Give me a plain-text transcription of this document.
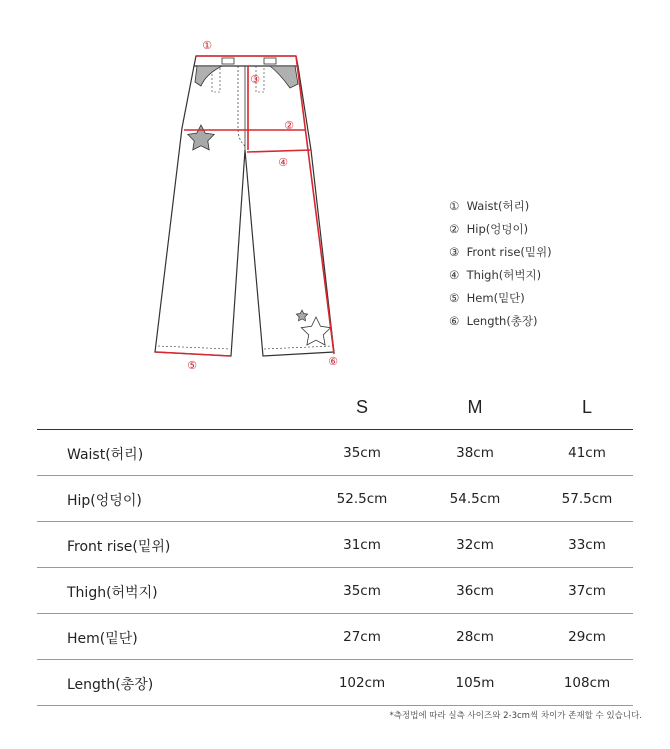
①
②
③
④
⑤	⑥
① Waist(허리)
② Hip(엉덩이)
③ Front rise(밑위)
④ Thigh(허벅지)
⑤ Hem(밑단)
⑥ Length(총장)
S	M	L
Waist(허리)	35cm	38cm	41cm
Hip(엉덩이)	52.5cm	54.5cm	57.5cm
Front rise(밑위)	31cm	32cm	33cm
Thigh(허벅지)	35cm	36cm	37cm
Hem(밑단)	27cm	28cm	29cm
Length(총장)	102cm	105m	108cm
*측정법에 따라 실측 사이즈와 2-3cm씩 차이가 존재할 수 있습니다.
